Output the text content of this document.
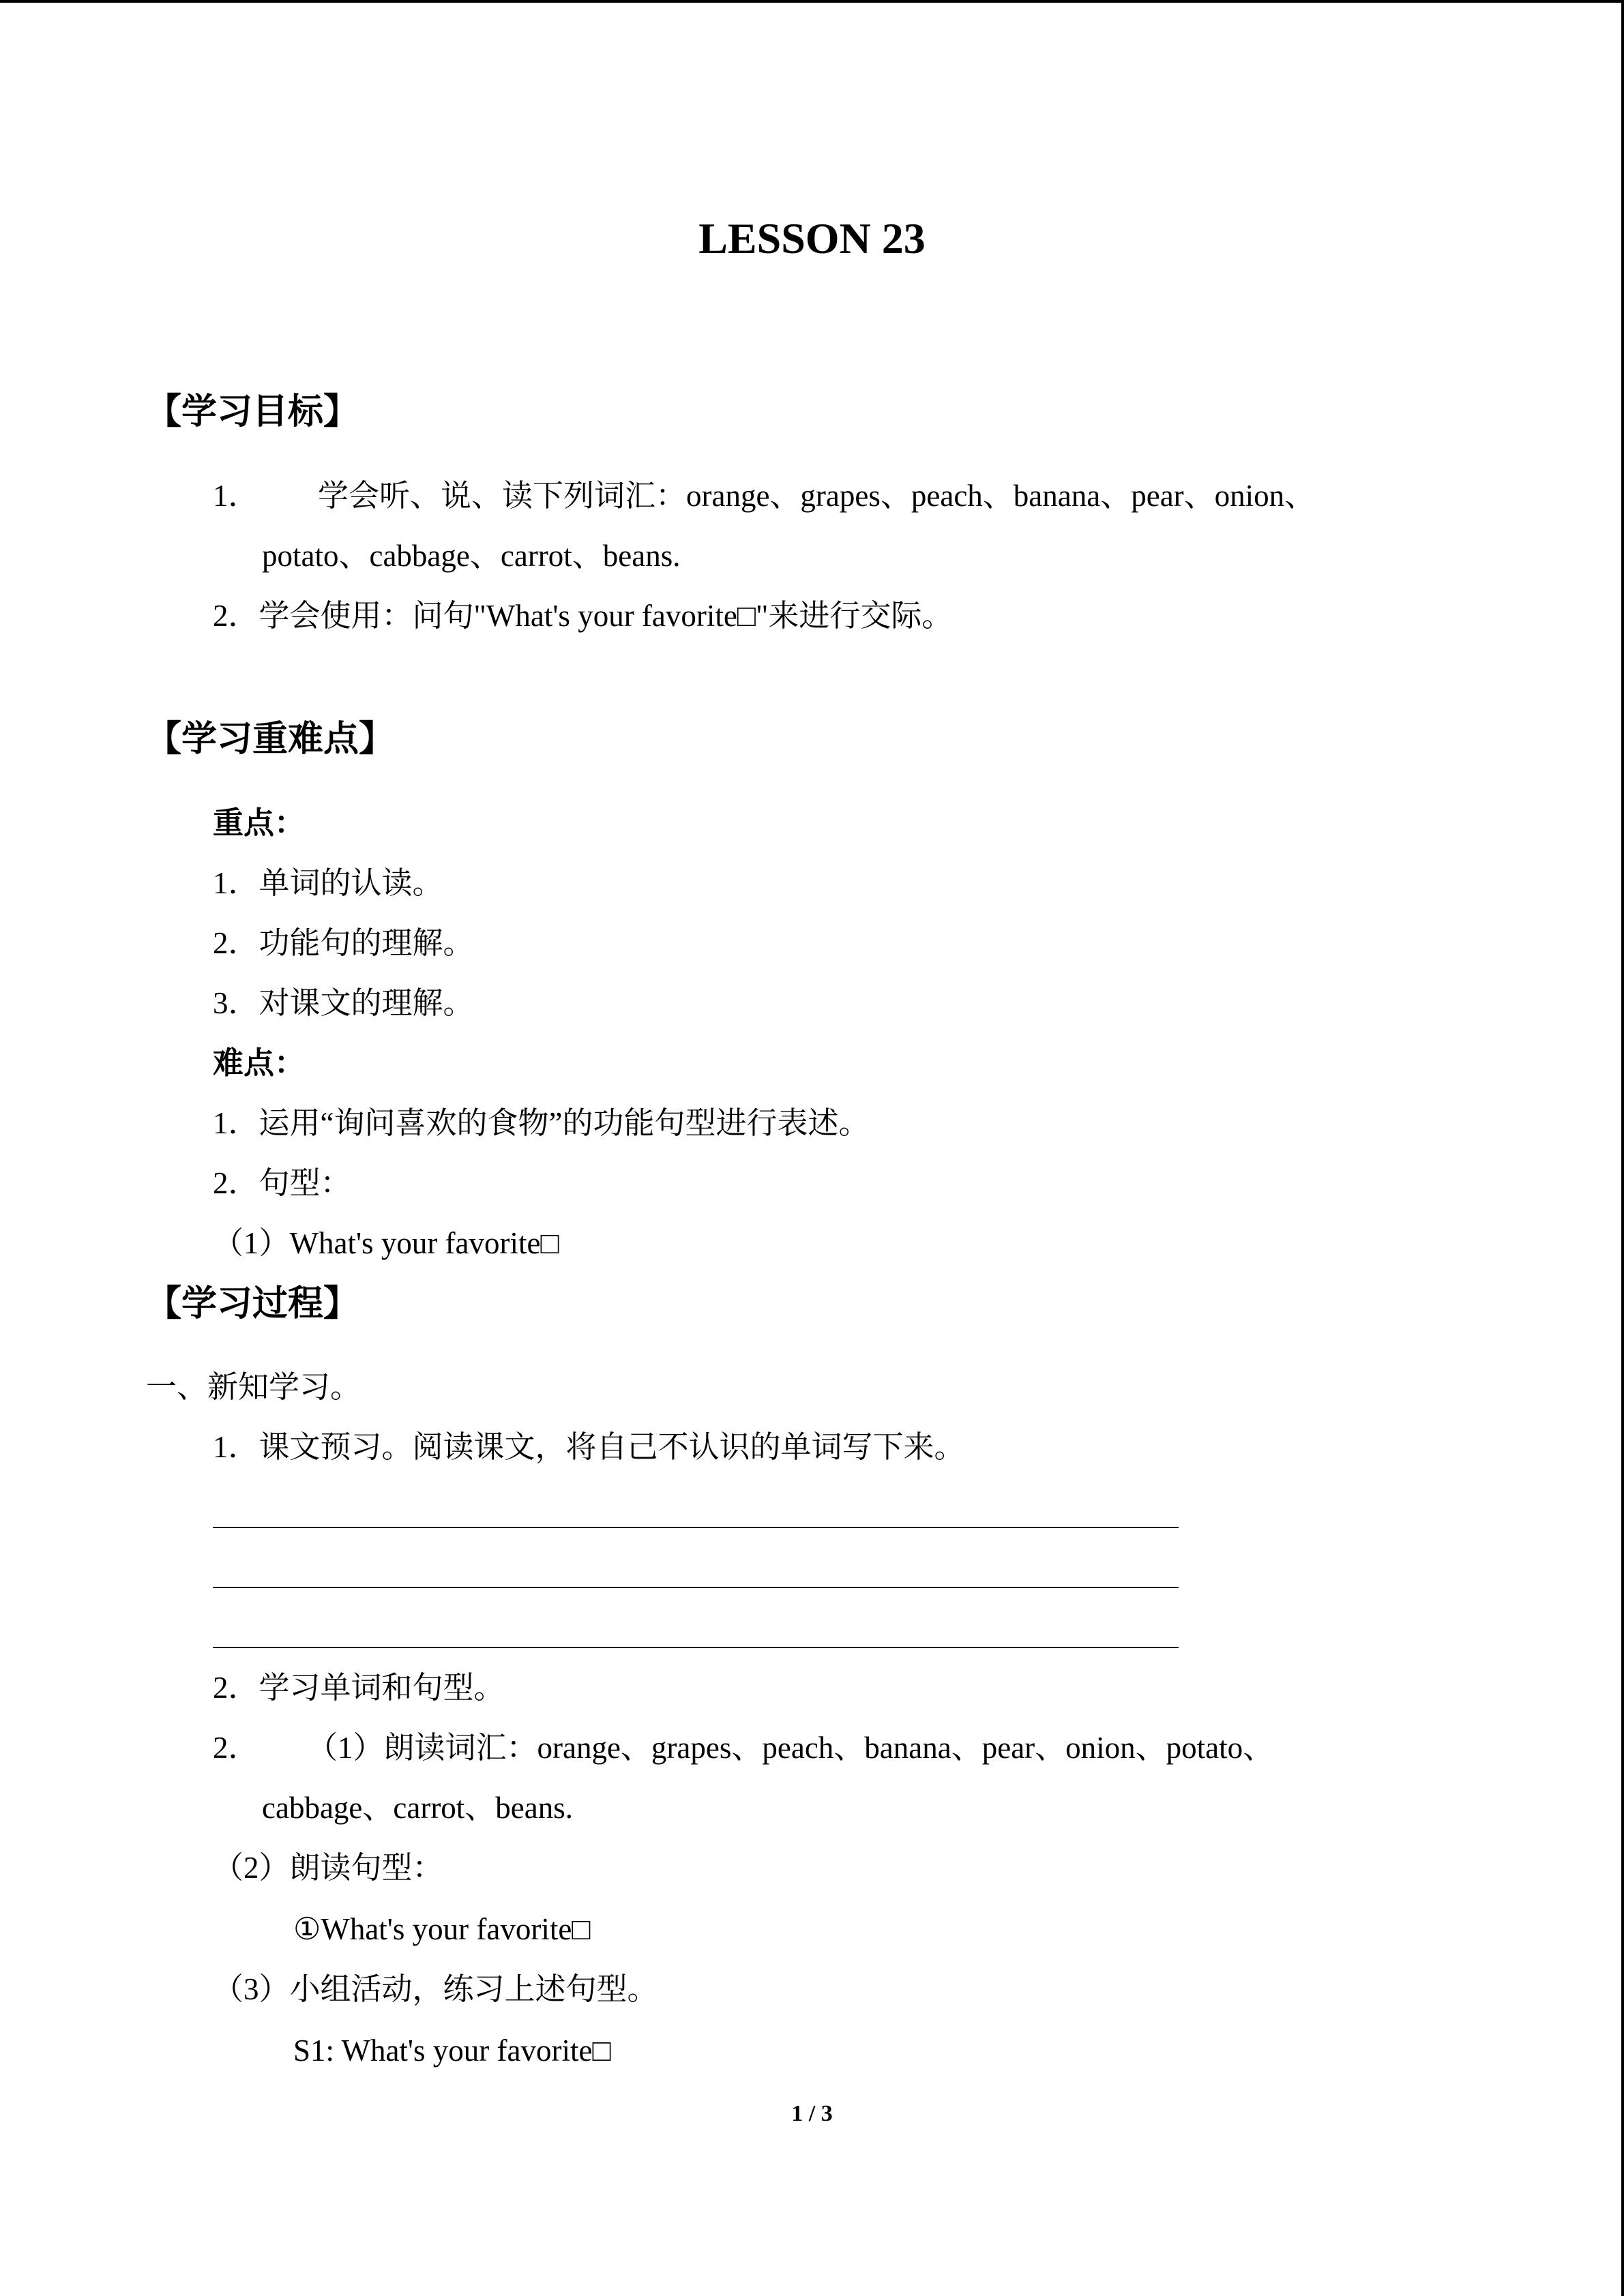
LESSON 23
【学习目标】
1． 学会听、说、读下列词汇：orange、grapes、peach、banana、pear、onion、
potato、cabbage、carrot、beans.
2．学会使用：问句"What's your favorite□"来进行交际。
【学习重难点】
重点：
1．单词的认读。
2．功能句的理解。
3．对课文的理解。
难点：
1．运用“询问喜欢的食物”的功能句型进行表述。
2．句型：
（1）What's your favorite□
【学习过程】
一、新知学习。
1．课文预习。阅读课文，将自己不认识的单词写下来。
2．学习单词和句型。
2． （1）朗读词汇：orange、grapes、peach、banana、pear、onion、potato、
cabbage、carrot、beans.
（2）朗读句型：
①What's your favorite□
（3）小组活动，练习上述句型。
S1: What's your favorite□
1 / 3
